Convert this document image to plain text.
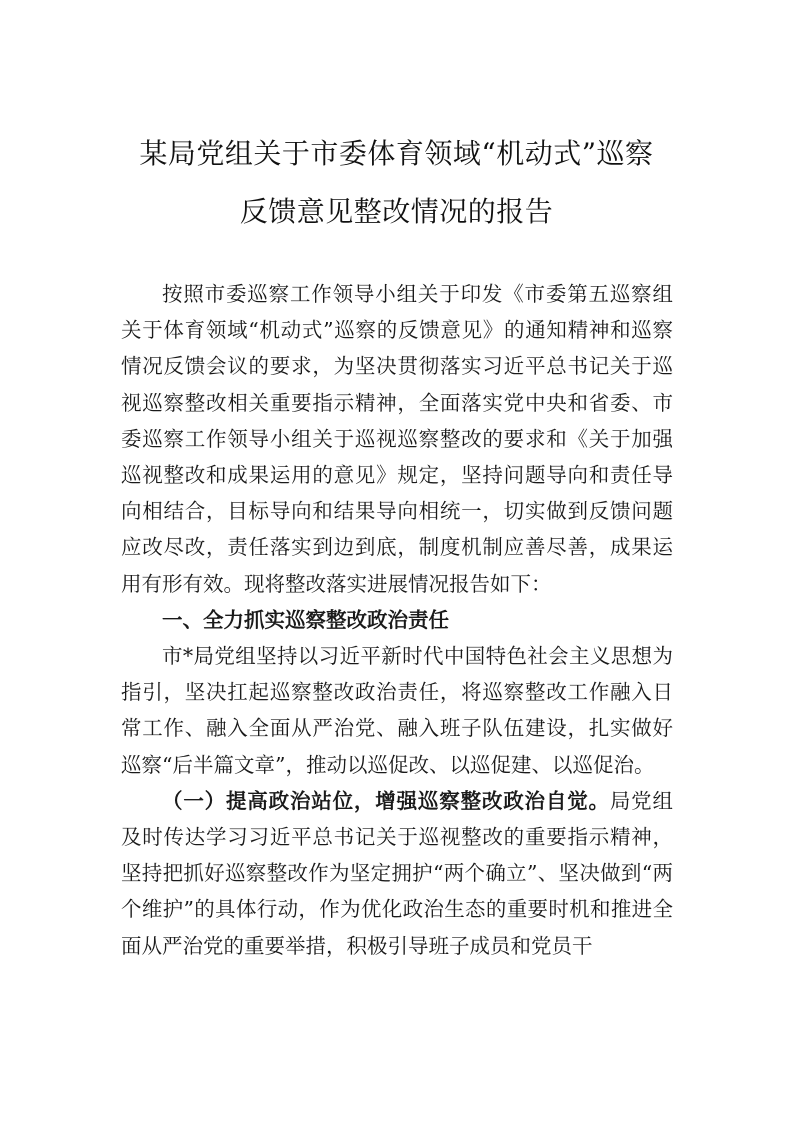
某局党组关于市委体育领域“机动式”巡察
反馈意见整改情况的报告

按照市委巡察工作领导小组关于印发《市委第五巡察组关于体育领域“机动式”巡察的反馈意见》的通知精神和巡察情况反馈会议的要求，为坚决贯彻落实习近平总书记关于巡视巡察整改相关重要指示精神，全面落实党中央和省委、市委巡察工作领导小组关于巡视巡察整改的要求和《关于加强巡视整改和成果运用的意见》规定，坚持问题导向和责任导向相结合，目标导向和结果导向相统一，切实做到反馈问题应改尽改，责任落实到边到底，制度机制应善尽善，成果运用有形有效。现将整改落实进展情况报告如下：

一、全力抓实巡察整改政治责任

市*局党组坚持以习近平新时代中国特色社会主义思想为指引，坚决扛起巡察整改政治责任，将巡察整改工作融入日常工作、融入全面从严治党、融入班子队伍建设，扎实做好巡察“后半篇文章”，推动以巡促改、以巡促建、以巡促治。

（一）提高政治站位，增强巡察整改政治自觉。局党组及时传达学习习近平总书记关于巡视整改的重要指示精神，坚持把抓好巡察整改作为坚定拥护“两个确立”、坚决做到“两个维护”的具体行动，作为优化政治生态的重要时机和推进全面从严治党的重要举措，积极引导班子成员和党员干
